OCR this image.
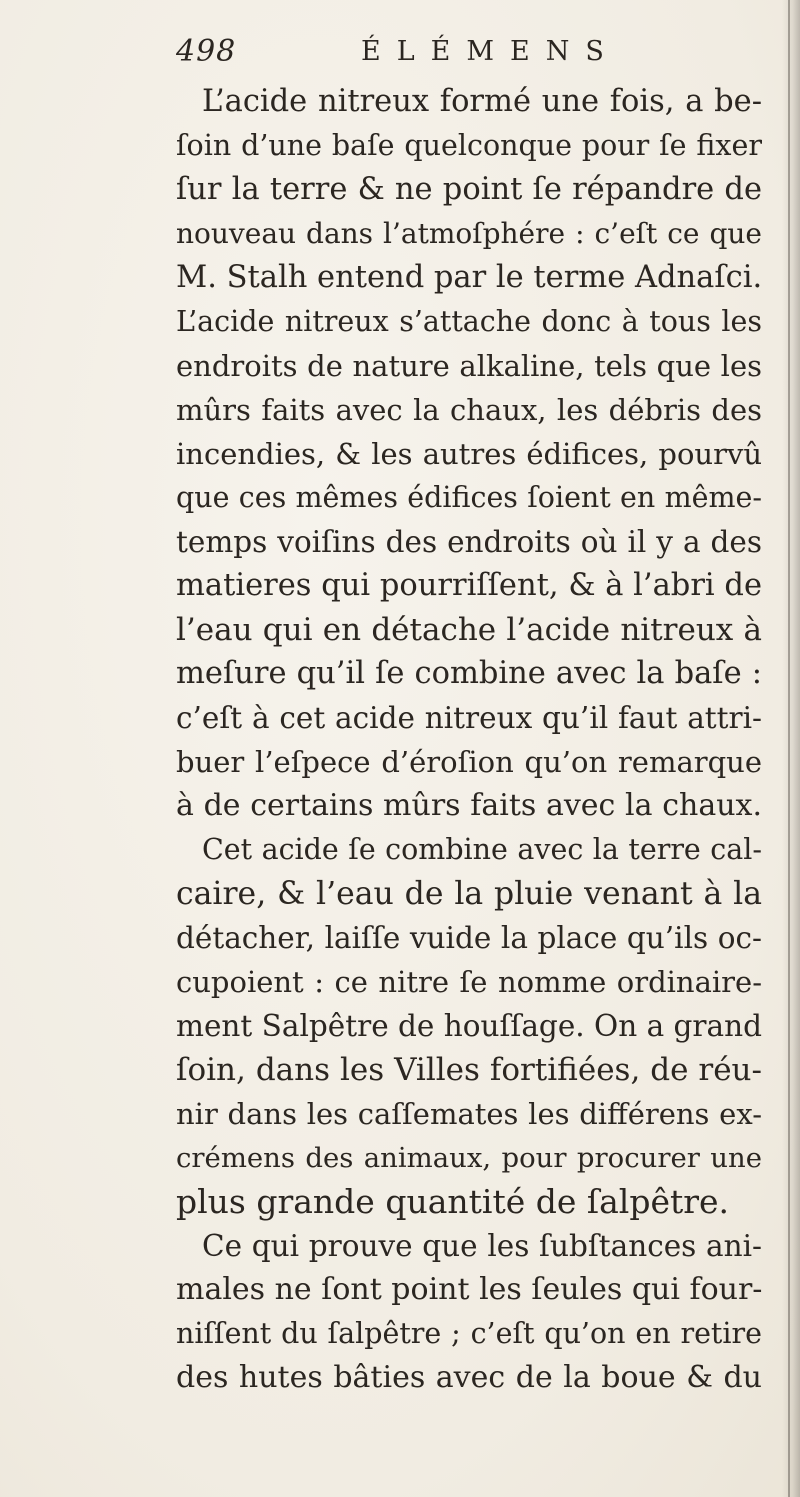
498	ÉLÉMENS
L’acide nitreux formé une fois, a be-
ſoin d’une baſe quelconque pour ſe fixer
ſur la terre & ne point ſe répandre de
nouveau dans l’atmoſphére : c’eſt ce que
M. Stalh entend par le terme Adnaſci.
L’acide nitreux s’attache donc à tous les
endroits de nature alkaline, tels que les
mûrs faits avec la chaux, les débris des
incendies, & les autres édifices, pourvû
que ces mêmes édifices ſoient en même-
temps voiſins des endroits où il y a des
matieres qui pourriſſent, & à l’abri de
l’eau qui en détache l’acide nitreux à
meſure qu’il ſe combine avec la baſe :
c’eſt à cet acide nitreux qu’il faut attri-
buer l’eſpece d’éroſion qu’on remarque
à de certains mûrs faits avec la chaux.
Cet acide ſe combine avec la terre cal-
caire, & l’eau de la pluie venant à la
détacher, laiſſe vuide la place qu’ils oc-
cupoient : ce nitre ſe nomme ordinaire-
ment Salpêtre de houſſage. On a grand
ſoin, dans les Villes fortifiées, de réu-
nir dans les caſſemates les différens ex-
crémens des animaux, pour procurer une
plus grande quantité de ſalpêtre.
Ce qui prouve que les ſubſtances ani-
males ne ſont point les ſeules qui four-
niſſent du ſalpêtre ; c’eſt qu’on en retire
des hutes bâties avec de la boue & du
